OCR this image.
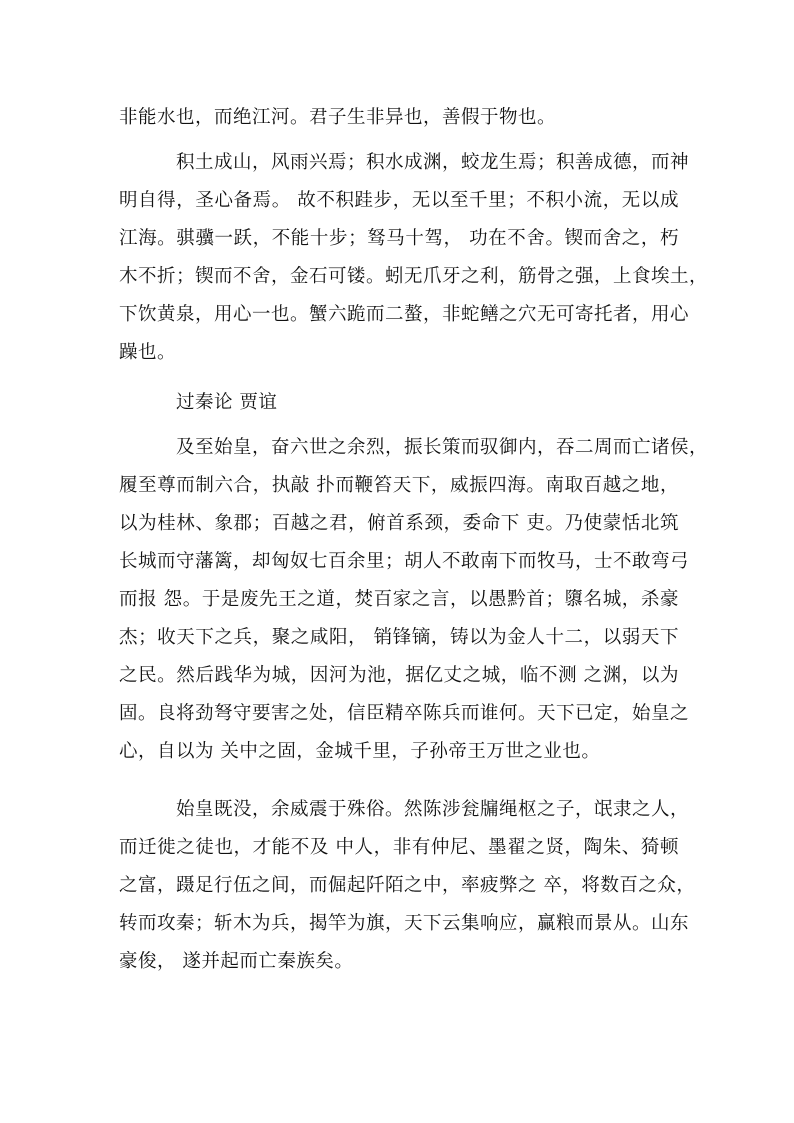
非能水也，而绝江河。君子生非异也，善假于物也。
积土成山，风雨兴焉；积水成渊，蛟龙生焉；积善成德，而神
明自得，圣心备焉。 故不积跬步，无以至千里；不积小流，无以成
江海。骐骥一跃，不能十步；驽马十驾， 功在不舍。锲而舍之，朽
木不折；锲而不舍，金石可镂。蚓无爪牙之利，筋骨之强，上食埃土，
下饮黄泉，用心一也。蟹六跪而二螯，非蛇鳝之穴无可寄托者，用心
躁也。
过秦论 贾谊
及至始皇，奋六世之余烈，振长策而驭御内，吞二周而亡诸侯，
履至尊而制六合，执敲 扑而鞭笞天下，威振四海。南取百越之地，
以为桂林、象郡；百越之君，俯首系颈，委命下 吏。乃使蒙恬北筑
长城而守藩篱，却匈奴七百余里；胡人不敢南下而牧马，士不敢弯弓
而报 怨。于是废先王之道，焚百家之言，以愚黔首；隳名城，杀豪
杰；收天下之兵，聚之咸阳， 销锋镝，铸以为金人十二，以弱天下
之民。然后践华为城，因河为池，据亿丈之城，临不测 之渊，以为
固。良将劲弩守要害之处，信臣精卒陈兵而谁何。天下已定，始皇之
心，自以为 关中之固，金城千里，子孙帝王万世之业也。
始皇既没，余威震于殊俗。然陈涉瓮牖绳枢之子，氓隶之人，
而迁徙之徒也，才能不及 中人，非有仲尼、墨翟之贤，陶朱、猗顿
之富，蹑足行伍之间，而倔起阡陌之中，率疲弊之 卒，将数百之众，
转而攻秦；斩木为兵，揭竿为旗，天下云集响应，赢粮而景从。山东
豪俊， 遂并起而亡秦族矣。
